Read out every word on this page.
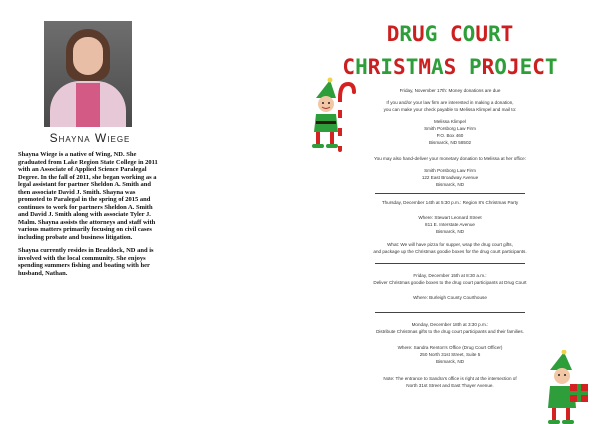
Shayna Wiege

Shayna Wiege is a native of Wing, ND. She graduated from Lake Region State College in 2011 with an Associate of Applied Science Paralegal Degree. In the fall of 2011, she began working as a legal assistant for partner Sheldon A. Smith and then associate David J. Smith. Shayna was promoted to Paralegal in the spring of 2015 and continues to work for partners Sheldon A. Smith and David J. Smith along with associate Tyler J. Malm. Shayna assists the attorneys and staff with various matters primarily focusing on civil cases including probate and business litigation.

Shayna currently resides in Braddock, ND and is involved with the local community. She enjoys spending summers fishing and boating with her husband, Nathan.

DRUG COURT
CHRISTMAS PROJECT
Friday, November 17th: Money donations are due
If you and/or your law firm are interested in making a donation,
you can make your check payable to Melissa Klimpel and mail to:
Melissa Klimpel
Smith Porsborg Law Firm
P.O. Box 460
Bismarck, ND 58502
You may also hand-deliver your monetary donation to Melissa at her office:
Smith Porsborg Law Firm
122 East Broadway Avenue
Bismarck, ND
Thursday, December 14th at 5:30 p.m.: Region 8's Christmas Party
Where: Stewart Leonard Street
811 E. Interstate Avenue
Bismarck, ND
What: We will have pizza for supper, wrap the drug court gifts,
and package up the Christmas goodie boxes for the drug court participants.
Friday, December 15th at 8:30 a.m.:
Deliver Christmas goodie boxes to the drug court participants at Drug Court
Where: Burleigh County Courthouse
Monday, December 18th at 3:30 p.m.:
Distribute Christmas gifts to the drug court participants and their families.
Where: Sandra Renton's Office (Drug Court Officer)
250 North 31st Street, Suite 5
Bismarck, ND
Note: The entrance to Sandra's office is right at the intersection of
North 31st Street and East Thayer Avenue.
